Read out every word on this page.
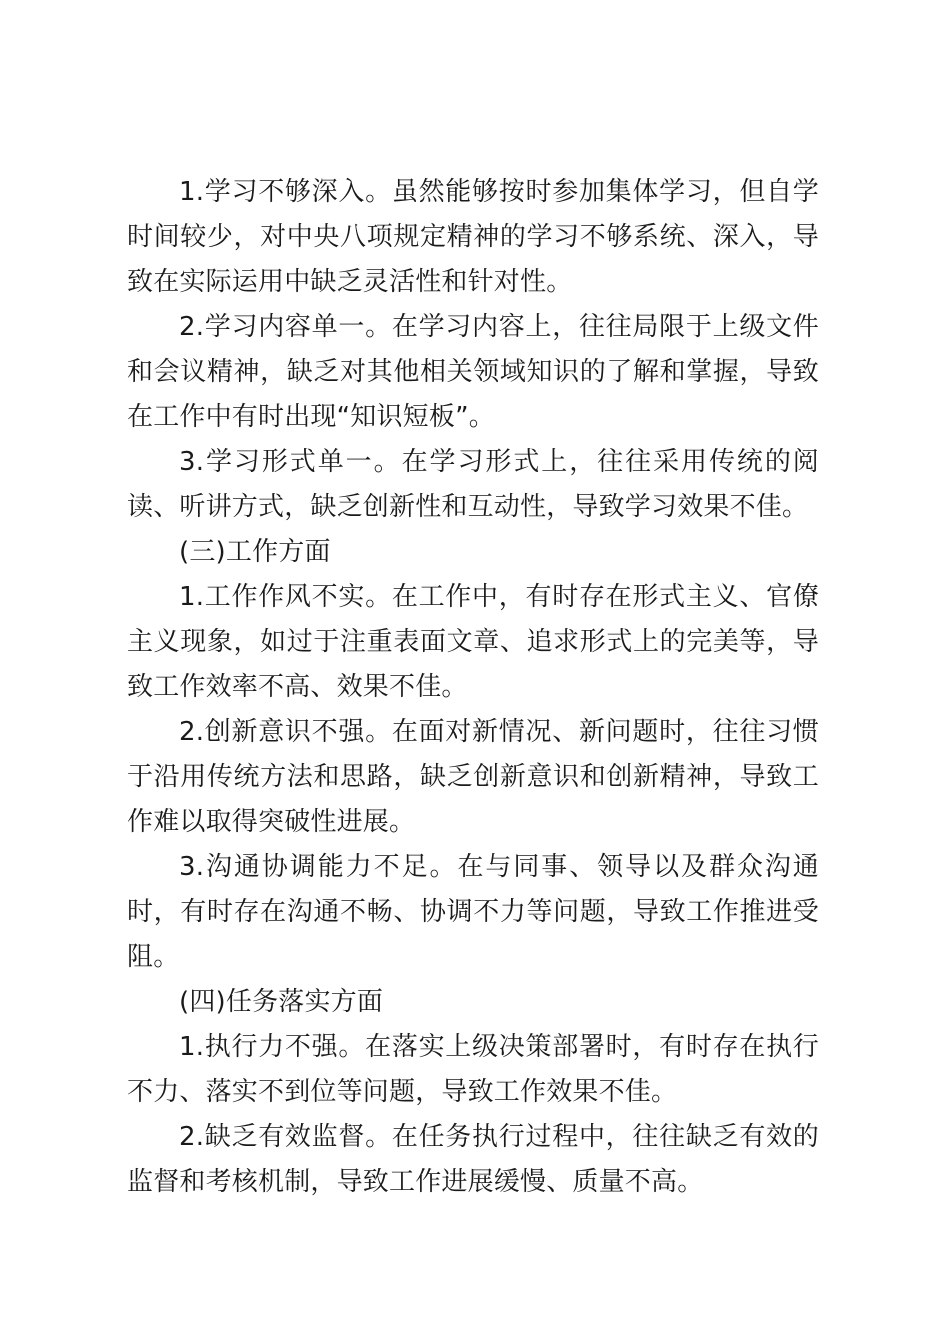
1.学习不够深入。虽然能够按时参加集体学习，但自学时间较少，对中央八项规定精神的学习不够系统、深入，导致在实际运用中缺乏灵活性和针对性。

2.学习内容单一。在学习内容上，往往局限于上级文件和会议精神，缺乏对其他相关领域知识的了解和掌握，导致在工作中有时出现“知识短板”。

3.学习形式单一。在学习形式上，往往采用传统的阅读、听讲方式，缺乏创新性和互动性，导致学习效果不佳。

(三)工作方面

1.工作作风不实。在工作中，有时存在形式主义、官僚主义现象，如过于注重表面文章、追求形式上的完美等，导致工作效率不高、效果不佳。

2.创新意识不强。在面对新情况、新问题时，往往习惯于沿用传统方法和思路，缺乏创新意识和创新精神，导致工作难以取得突破性进展。

3.沟通协调能力不足。在与同事、领导以及群众沟通时，有时存在沟通不畅、协调不力等问题，导致工作推进受阻。

(四)任务落实方面

1.执行力不强。在落实上级决策部署时，有时存在执行不力、落实不到位等问题，导致工作效果不佳。

2.缺乏有效监督。在任务执行过程中，往往缺乏有效的监督和考核机制，导致工作进展缓慢、质量不高。
